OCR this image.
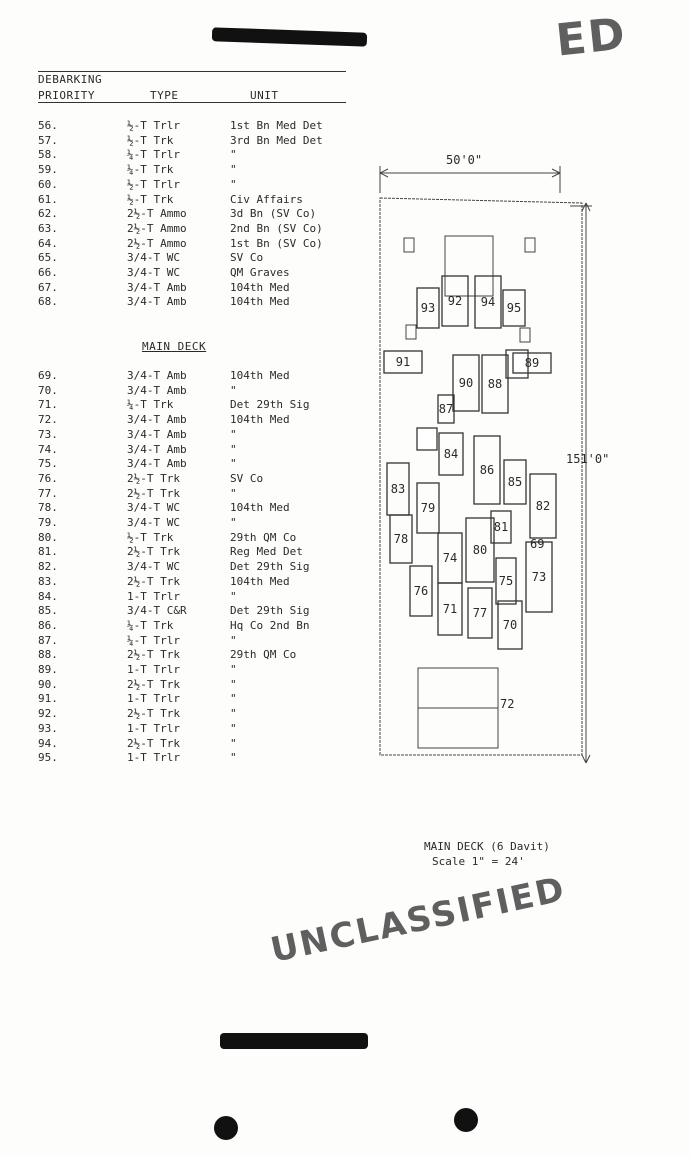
ED
DEBARKING
PRIORITY	TYPE	UNIT
56.	½-T Trlr	1st Bn Med Det
57.	½-T Trk	3rd Bn Med Det
58.	¼-T Trlr	"
59.	¼-T Trk	"
60.	½-T Trlr	"
61.	½-T Trk	Civ Affairs
62.	2½-T Ammo	3d Bn (SV Co)
63.	2½-T Ammo	2nd Bn (SV Co)
64.	2½-T Ammo	1st Bn (SV Co)
65.	3/4-T WC	SV Co
66.	3/4-T WC	QM Graves
67.	3/4-T Amb	104th Med
68.	3/4-T Amb	104th Med
MAIN DECK
69.	3/4-T Amb	104th Med
70.	3/4-T Amb	"
71.	¼-T Trk	Det 29th Sig
72.	3/4-T Amb	104th Med
73.	3/4-T Amb	"
74.	3/4-T Amb	"
75.	3/4-T Amb	"
76.	2½-T Trk	SV Co
77.	2½-T Trk	"
78.	3/4-T WC	104th Med
79.	3/4-T WC	"
80.	½-T Trk	29th QM Co
81.	2½-T Trk	Reg Med Det
82.	3/4-T WC	Det 29th Sig
83.	2½-T Trk	104th Med
84.	1-T Trlr	"
85.	3/4-T C&R	Det 29th Sig
86.	¼-T Trk	Hq Co 2nd Bn
87.	¼-T Trlr	"
88.	2½-T Trk	29th QM Co
89.	1-T Trlr	"
90.	2½-T Trk	"
91.	1-T Trlr	"
92.	2½-T Trk	"
93.	1-T Trlr	"
94.	2½-T Trk	"
95.	1-T Trlr	"
50'0"
151'0"
93 92 94 95
91	89
90 88
87
84
86
85
83
82
79
81
78
80
74
76
75 73
71 77
70
69
72
MAIN DECK (6 Davit)
Scale 1" = 24'
UNCLASSIFIED
